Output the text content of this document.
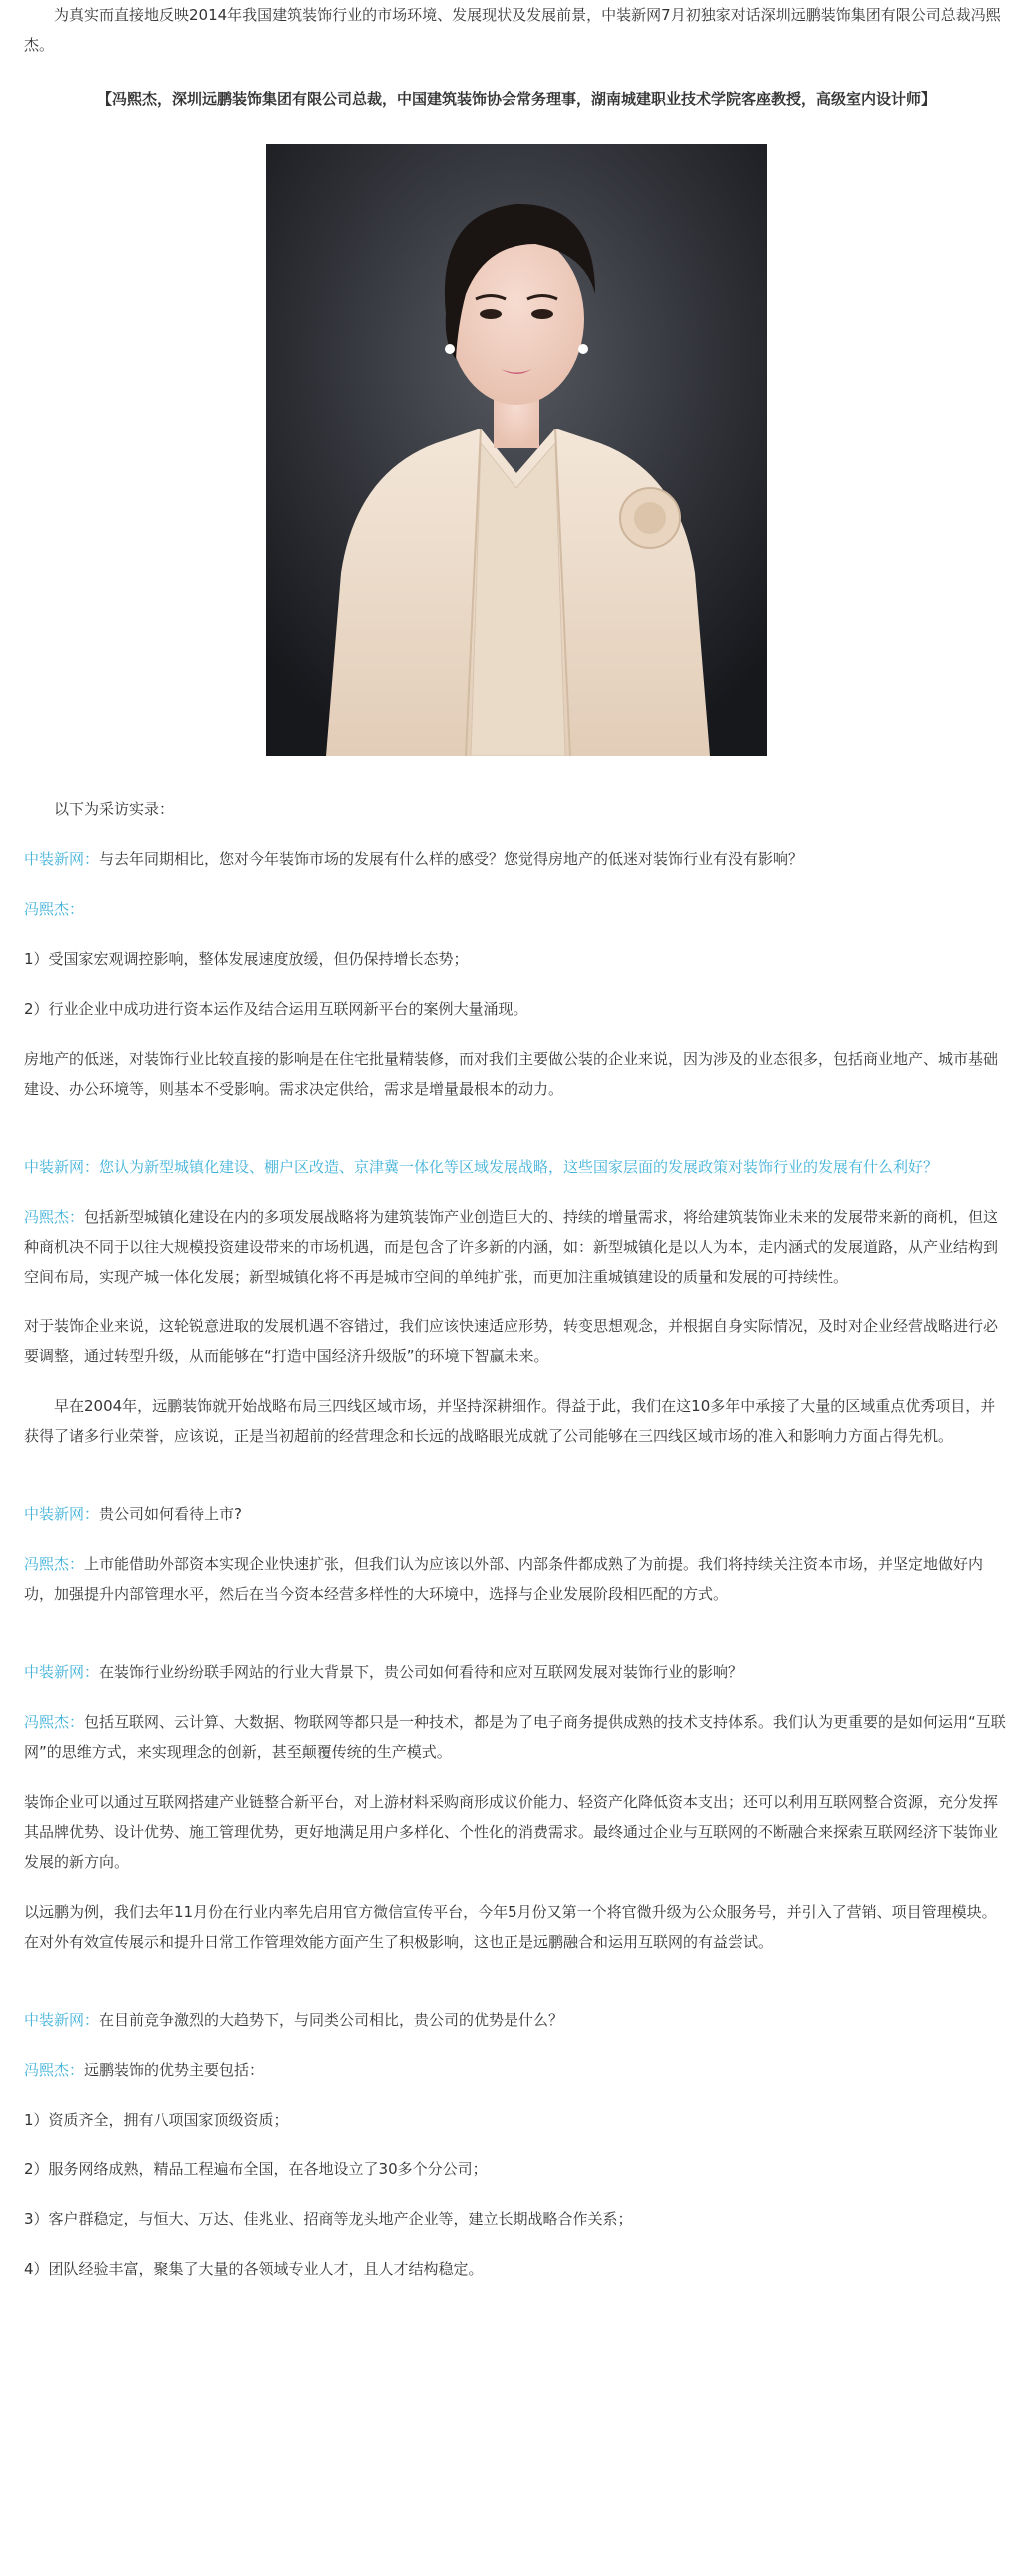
为真实而直接地反映2014年我国建筑装饰行业的市场环境、发展现状及发展前景，中装新网7月初独家对话深圳远鹏装饰集团有限公司总裁冯熙杰。

【冯熙杰，深圳远鹏装饰集团有限公司总裁，中国建筑装饰协会常务理事，湖南城建职业技术学院客座教授，高级室内设计师】

以下为采访实录：

中装新网：与去年同期相比，您对今年装饰市场的发展有什么样的感受？您觉得房地产的低迷对装饰行业有没有影响？

冯熙杰：

1）受国家宏观调控影响，整体发展速度放缓，但仍保持增长态势；

2）行业企业中成功进行资本运作及结合运用互联网新平台的案例大量涌现。

房地产的低迷，对装饰行业比较直接的影响是在住宅批量精装修，而对我们主要做公装的企业来说，因为涉及的业态很多，包括商业地产、城市基础建设、办公环境等，则基本不受影响。需求决定供给，需求是增量最根本的动力。

中装新网：您认为新型城镇化建设、棚户区改造、京津冀一体化等区域发展战略，这些国家层面的发展政策对装饰行业的发展有什么利好？

冯熙杰：包括新型城镇化建设在内的多项发展战略将为建筑装饰产业创造巨大的、持续的增量需求，将给建筑装饰业未来的发展带来新的商机，但这种商机决不同于以往大规模投资建设带来的市场机遇，而是包含了许多新的内涵，如：新型城镇化是以人为本，走内涵式的发展道路，从产业结构到空间布局，实现产城一体化发展；新型城镇化将不再是城市空间的单纯扩张，而更加注重城镇建设的质量和发展的可持续性。

对于装饰企业来说，这轮锐意进取的发展机遇不容错过，我们应该快速适应形势，转变思想观念，并根据自身实际情况，及时对企业经营战略进行必要调整，通过转型升级，从而能够在“打造中国经济升级版”的环境下智赢未来。

早在2004年，远鹏装饰就开始战略布局三四线区域市场，并坚持深耕细作。得益于此，我们在这10多年中承接了大量的区域重点优秀项目，并获得了诸多行业荣誉，应该说，正是当初超前的经营理念和长远的战略眼光成就了公司能够在三四线区域市场的准入和影响力方面占得先机。

中装新网：贵公司如何看待上市?

冯熙杰：上市能借助外部资本实现企业快速扩张，但我们认为应该以外部、内部条件都成熟了为前提。我们将持续关注资本市场，并坚定地做好内功，加强提升内部管理水平，然后在当今资本经营多样性的大环境中，选择与企业发展阶段相匹配的方式。

中装新网：在装饰行业纷纷联手网站的行业大背景下，贵公司如何看待和应对互联网发展对装饰行业的影响？

冯熙杰：包括互联网、云计算、大数据、物联网等都只是一种技术，都是为了电子商务提供成熟的技术支持体系。我们认为更重要的是如何运用“互联网”的思维方式，来实现理念的创新，甚至颠覆传统的生产模式。

装饰企业可以通过互联网搭建产业链整合新平台，对上游材料采购商形成议价能力、轻资产化降低资本支出；还可以利用互联网整合资源，充分发挥其品牌优势、设计优势、施工管理优势，更好地满足用户多样化、个性化的消费需求。最终通过企业与互联网的不断融合来探索互联网经济下装饰业发展的新方向。

以远鹏为例，我们去年11月份在行业内率先启用官方微信宣传平台，今年5月份又第一个将官微升级为公众服务号，并引入了营销、项目管理模块。在对外有效宣传展示和提升日常工作管理效能方面产生了积极影响，这也正是远鹏融合和运用互联网的有益尝试。

中装新网：在目前竞争激烈的大趋势下，与同类公司相比，贵公司的优势是什么？

冯熙杰：远鹏装饰的优势主要包括：

1）资质齐全，拥有八项国家顶级资质；

2）服务网络成熟，精品工程遍布全国，在各地设立了30多个分公司；

3）客户群稳定，与恒大、万达、佳兆业、招商等龙头地产企业等，建立长期战略合作关系；

4）团队经验丰富，聚集了大量的各领域专业人才，且人才结构稳定。
